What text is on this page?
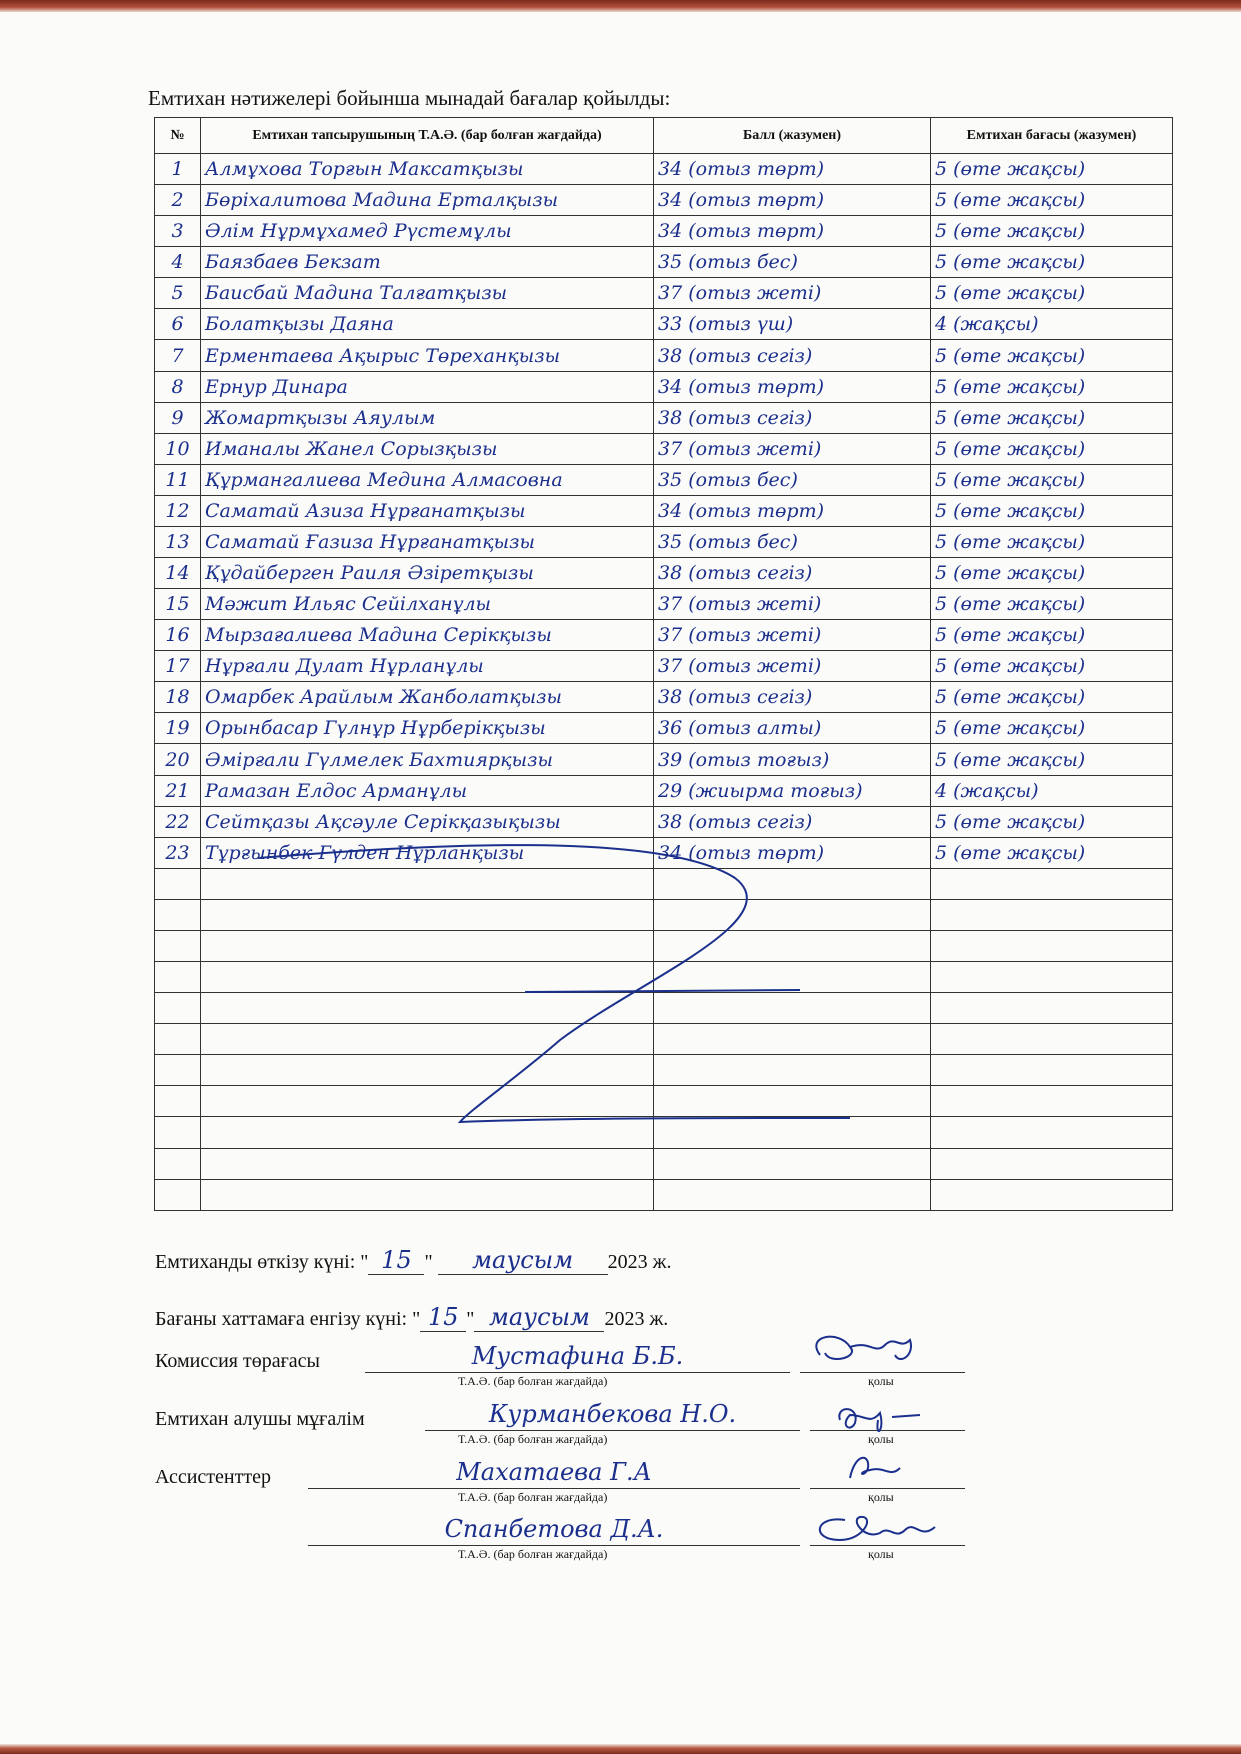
Емтихан нәтижелері бойынша мынадай бағалар қойылды:
№	Емтихан тапсырушының Т.А.Ә. (бар болған жағдайда)	Балл (жазумен)	Емтихан бағасы (жазумен)
1	Алмұхова Торғын Максатқызы	34 (отыз төрт)	5 (өте жақсы)
2	Бөрiхалитова Мадина Ерталқызы	34 (отыз төрт)	5 (өте жақсы)
3	Әлім Нұрмұхамед Рүстемұлы	34 (отыз төрт)	5 (өте жақсы)
4	Баязбаев Бекзат	35 (отыз бес)	5 (өте жақсы)
5	Баисбай Мадина Талғатқызы	37 (отыз жеті)	5 (өте жақсы)
6	Болатқызы Даяна	33 (отыз үш)	4 (жақсы)
7	Ерментаева Ақырыс Төреханқызы	38 (отыз сегіз)	5 (өте жақсы)
8	Ернур Динара	34 (отыз төрт)	5 (өте жақсы)
9	Жомартқызы Аяулым	38 (отыз сегіз)	5 (өте жақсы)
10	Иманалы Жанел Сорызқызы	37 (отыз жеті)	5 (өте жақсы)
11	Құрмангалиева Медина Алмасовна	35 (отыз бес)	5 (өте жақсы)
12	Саматай Азиза Нұрғанатқызы	34 (отыз төрт)	5 (өте жақсы)
13	Саматай Ғазиза Нұрғанатқызы	35 (отыз бес)	5 (өте жақсы)
14	Құдайберген Раиля Әзіретқызы	38 (отыз сегіз)	5 (өте жақсы)
15	Мәжит Ильяс Сейілханұлы	37 (отыз жеті)	5 (өте жақсы)
16	Мырзағалиева Мадина Серікқызы	37 (отыз жеті)	5 (өте жақсы)
17	Нұрғали Дулат Нұрланұлы	37 (отыз жеті)	5 (өте жақсы)
18	Омарбек Арайлым Жанболатқызы	38 (отыз сегіз)	5 (өте жақсы)
19	Орынбасар Гүлнұр Нұрберікқызы	36 (отыз алты)	5 (өте жақсы)
20	Әмірғали Гүлмелек Бахтиярқызы	39 (отыз тоғыз)	5 (өте жақсы)
21	Рамазан Елдос Арманұлы	29 (жиырма тоғыз)	4 (жақсы)
22	Сейтқазы Ақсәуле Серікқазықызы	38 (отыз сегіз)	5 (өте жақсы)
23	Тұрғынбек Гүлден Нұрланқызы	34 (отыз төрт)	5 (өте жақсы)

Емтиханды өткізу күні: " 15 " маусым 2023 ж.
Бағаны хаттамаға енгізу күні: " 15 " маусым 2023 ж.
Комиссия төрағасы	Мустафина Б.Б.
Т.А.Ә. (бар болған жағдайда)	қолы
Емтихан алушы мұғалім	Курманбекова Н.О.
Т.А.Ә. (бар болған жағдайда)	қолы
Ассистенттер	Махатаева Г.А
Т.А.Ә. (бар болған жағдайда)	қолы
Спанбетова Д.А.
Т.А.Ә. (бар болған жағдайда)	қолы
